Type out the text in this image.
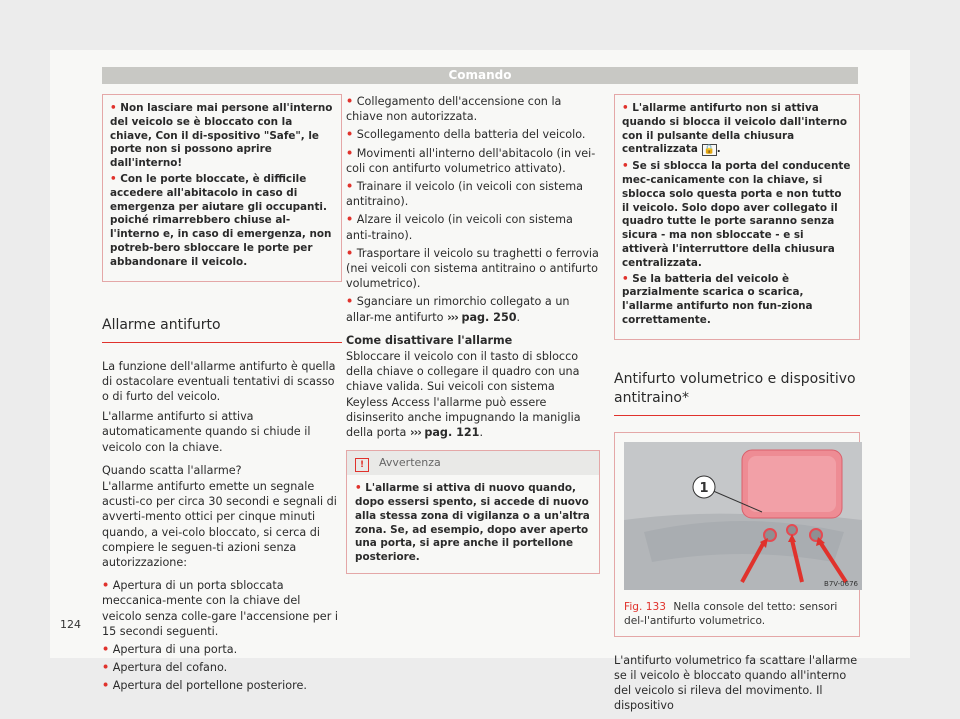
Comando

• Non lasciare mai persone all'interno del veicolo se è bloccato con la chiave, Con il di-spositivo "Safe", le porte non si possono aprire dall'interno!

• Con le porte bloccate, è difficile accedere all'abitacolo in caso di emergenza per aiutare gli occupanti. poiché rimarrebbero chiuse al-l'interno e, in caso di emergenza, non potreb-bero sbloccare le porte per abbandonare il veicolo.

Allarme antifurto

La funzione dell'allarme antifurto è quella di ostacolare eventuali tentativi di scasso o di furto del veicolo.

L'allarme antifurto si attiva automaticamente quando si chiude il veicolo con la chiave.

Quando scatta l'allarme?

L'allarme antifurto emette un segnale acusti-co per circa 30 secondi e segnali di avverti-mento ottici per cinque minuti quando, a vei-colo bloccato, si cerca di compiere le seguen-ti azioni senza autorizzazione:

• Apertura di un porta sbloccata meccanica-mente con la chiave del veicolo senza colle-gare l'accensione per i 15 secondi seguenti.

• Apertura di una porta.

• Apertura del cofano.

• Apertura del portellone posteriore.

• Collegamento dell'accensione con la chiave non autorizzata.

• Scollegamento della batteria del veicolo.

• Movimenti all'interno dell'abitacolo (in vei-coli con antifurto volumetrico attivato).

• Trainare il veicolo (in veicoli con sistema antitraino).

• Alzare il veicolo (in veicoli con sistema anti-traino).

• Trasportare il veicolo su traghetti o ferrovia (nei veicoli con sistema antitraino o antifurto volumetrico).

• Sganciare un rimorchio collegato a un allar-me antifurto ››› pag. 250.

Come disattivare l'allarme

Sbloccare il veicolo con il tasto di sblocco della chiave o collegare il quadro con una chiave valida. Sui veicoli con sistema Keyless Access l'allarme può essere disinserito anche impugnando la maniglia della porta ››› pag. 121.

! Avvertenza
• L'allarme si attiva di nuovo quando, dopo essersi spento, si accede di nuovo alla stessa zona di vigilanza o a un'altra zona. Se, ad esempio, dopo aver aperto una porta, si apre anche il portellone posteriore.

• L'allarme antifurto non si attiva quando si blocca il veicolo dall'interno con il pulsante della chiusura centralizzata 🔒 .

• Se si sblocca la porta del conducente mec-canicamente con la chiave, si sblocca solo questa porta e non tutto il veicolo. Solo dopo aver collegato il quadro tutte le porte saranno senza sicura - ma non sbloccate - e si attiverà l'interruttore della chiusura centralizzata.

• Se la batteria del veicolo è parzialmente scarica o scarica, l'allarme antifurto non fun-ziona correttamente.

Antifurto volumetrico e dispositivo antitraino*
1
B7V-0676
Fig. 133 Nella console del tetto: sensori del-l'antifurto volumetrico.

L'antifurto volumetrico fa scattare l'allarme se il veicolo è bloccato quando all'interno del veicolo si rileva del movimento. Il dispositivo

124
